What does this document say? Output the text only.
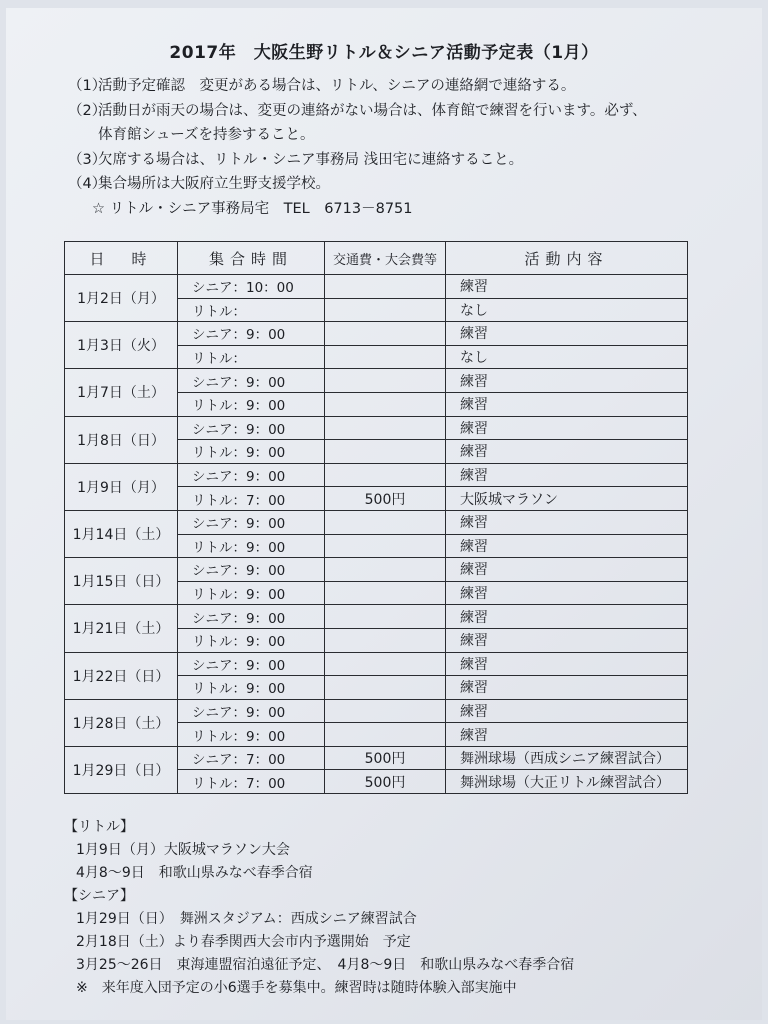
2017年　大阪生野リトル＆シニア活動予定表（1月）
（1）活動予定確認　変更がある場合は、リトル、シニアの連絡網で連絡する。
（2）活動日が雨天の場合は、変更の連絡がない場合は、体育館で練習を行います。必ず、
体育館シューズを持参すること。
（3）欠席する場合は、リトル・シニア事務局 浅田宅に連絡すること。
（4）集合場所は大阪府立生野支援学校。
☆ リトル・シニア事務局宅　TEL　6713－8751
日　時	集合時間	交通費・大会費等	活動内容
1月2日（月）	シニア：10：00		練習
	リトル：		なし
1月3日（火）	シニア：9：00		練習
	リトル：		なし
1月7日（土）	シニア：9：00		練習
	リトル：9：00		練習
1月8日（日）	シニア：9：00		練習
	リトル：9：00		練習
1月9日（月）	シニア：9：00		練習
	リトル：7：00	500円	大阪城マラソン
1月14日（土）	シニア：9：00		練習
	リトル：9：00		練習
1月15日（日）	シニア：9：00		練習
	リトル：9：00		練習
1月21日（土）	シニア：9：00		練習
	リトル：9：00		練習
1月22日（日）	シニア：9：00		練習
	リトル：9：00		練習
1月28日（土）	シニア：9：00		練習
	リトル：9：00		練習
1月29日（日）	シニア：7：00	500円	舞洲球場（西成シニア練習試合）
	リトル：7：00	500円	舞洲球場（大正リトル練習試合）
【リトル】
1月9日（月）大阪城マラソン大会
4月8～9日　和歌山県みなべ春季合宿
【シニア】
1月29日（日）　舞洲スタジアム：西成シニア練習試合
2月18日（土）より春季関西大会市内予選開始　予定
3月25～26日　東海連盟宿泊遠征予定、　4月8～9日　和歌山県みなべ春季合宿
※　来年度入団予定の小6選手を募集中。練習時は随時体験入部実施中
